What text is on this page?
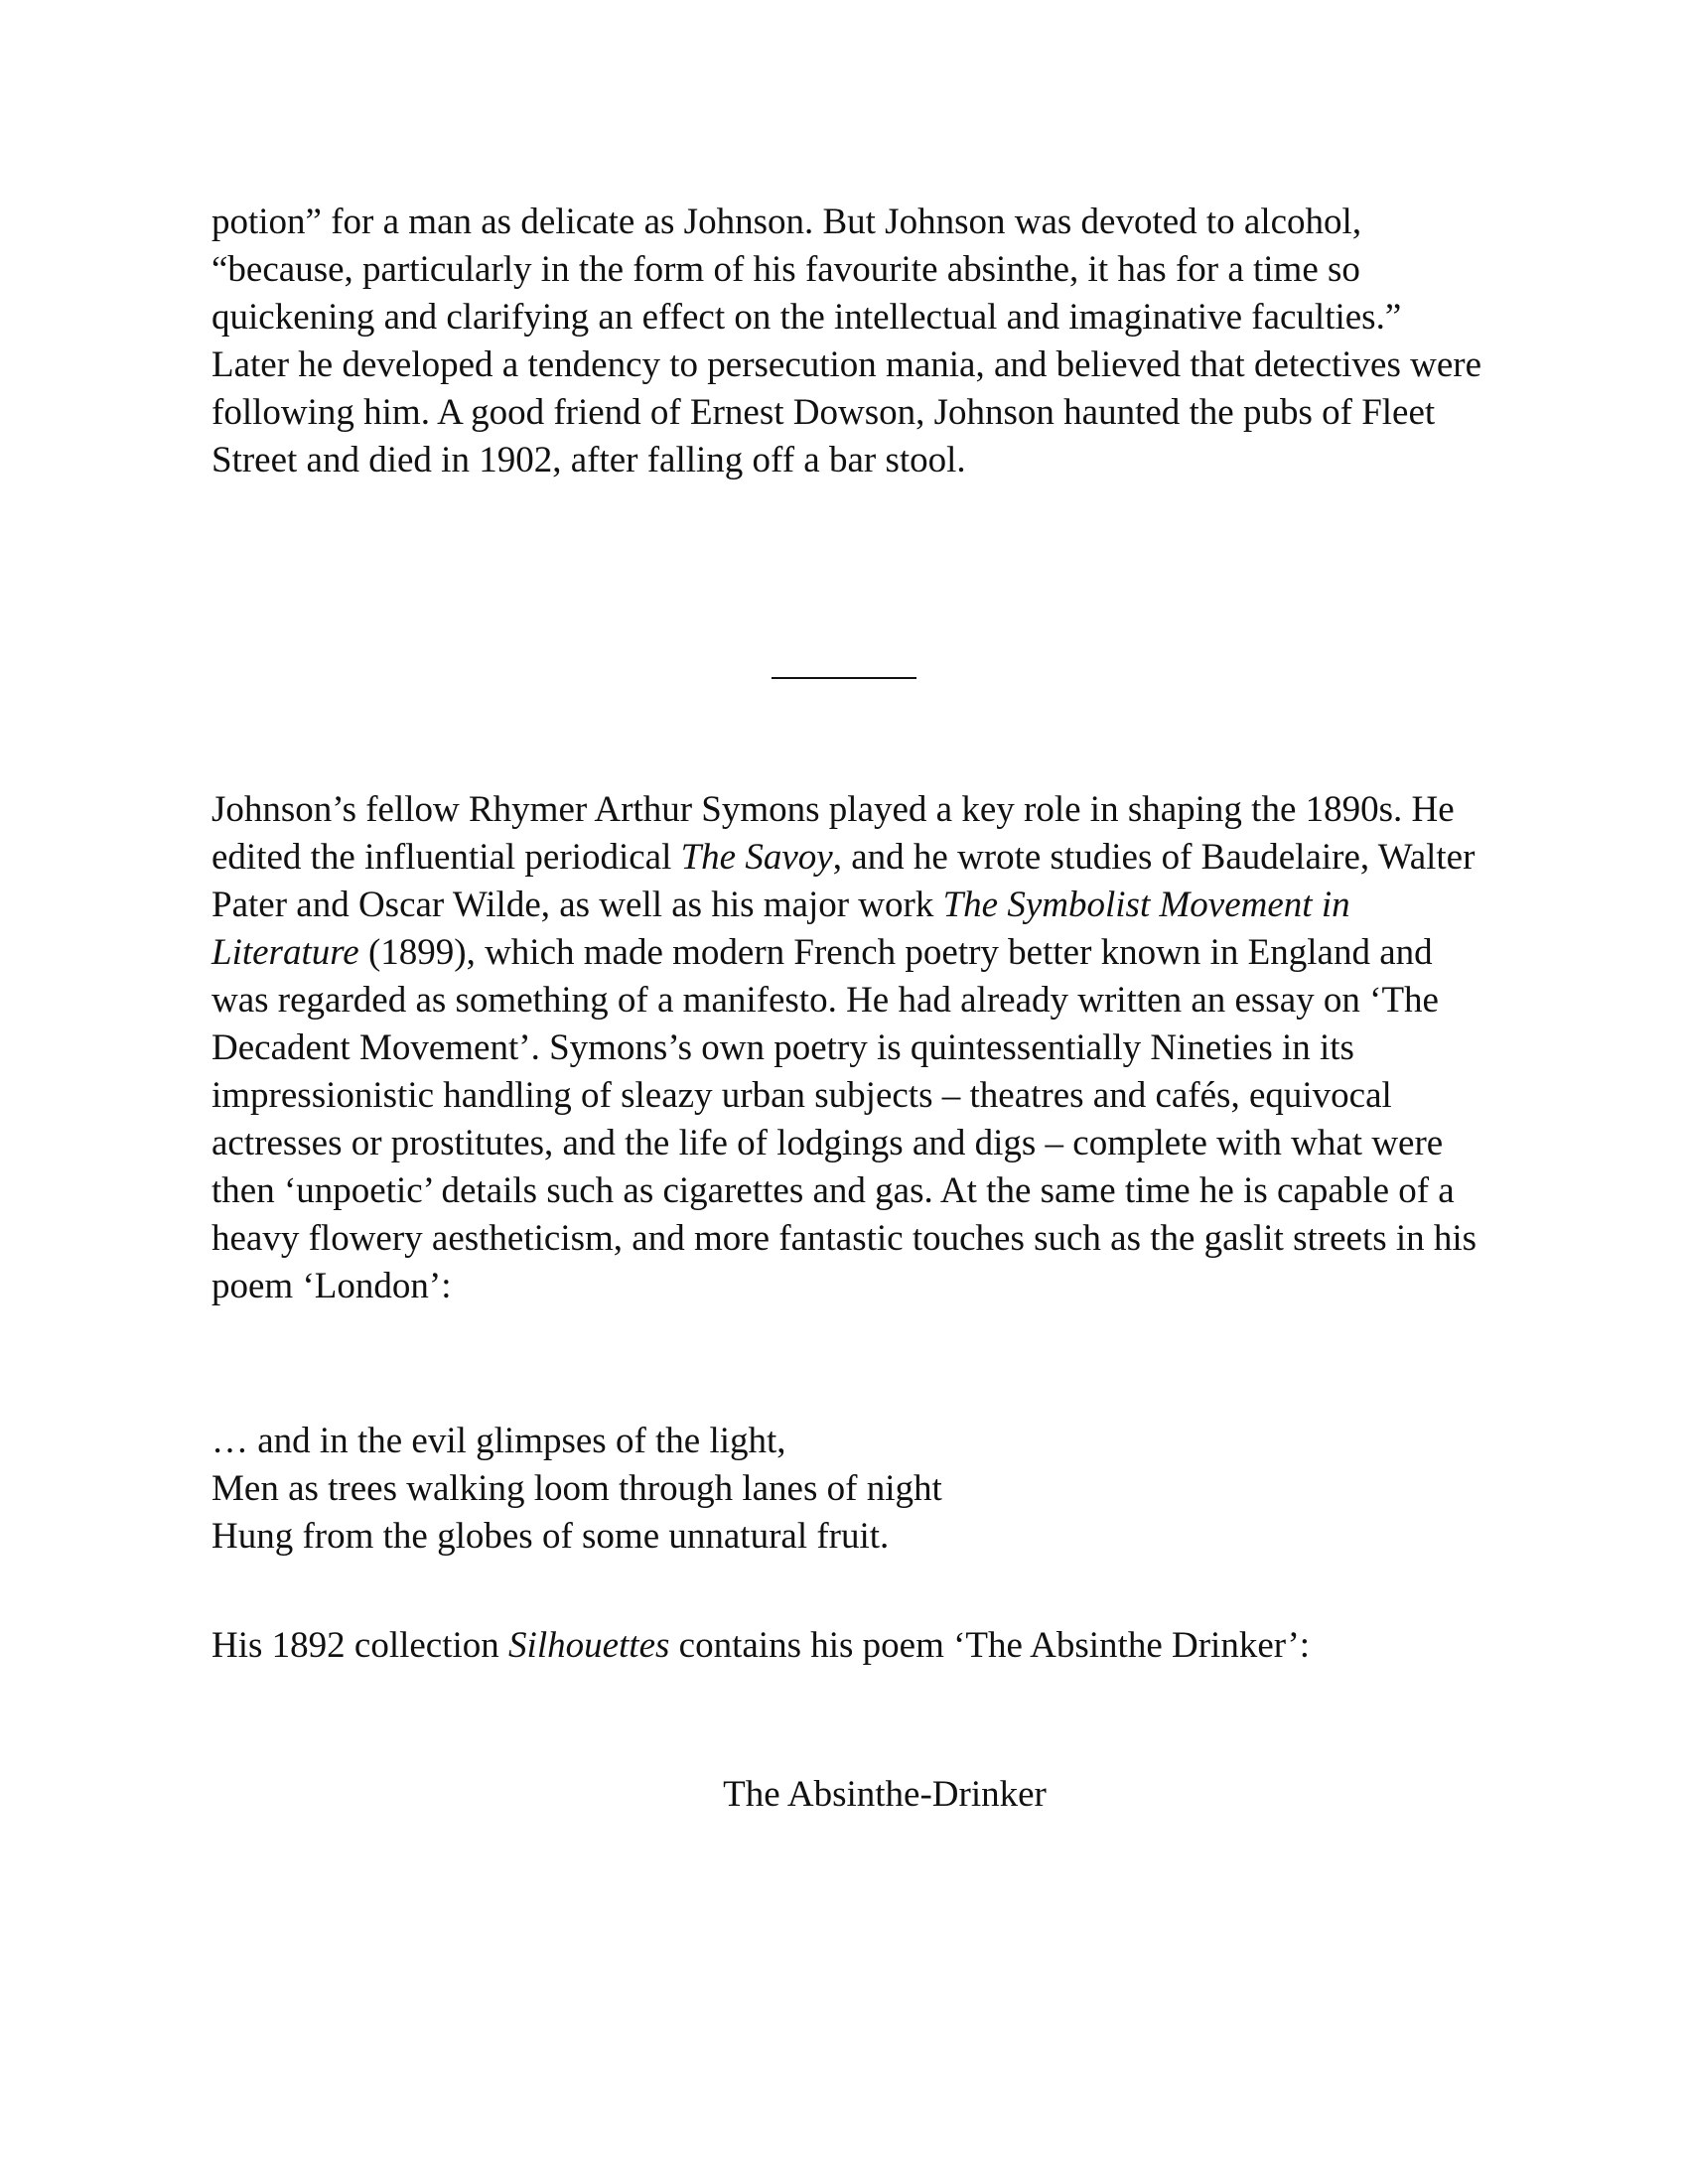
potion” for a man as delicate as Johnson. But Johnson was devoted to alcohol, “because, particularly in the form of his favourite absinthe, it has for a time so quickening and clarifying an effect on the intellectual and imaginative faculties.” Later he developed a tendency to persecution mania, and believed that detectives were following him. A good friend of Ernest Dowson, Johnson haunted the pubs of Fleet Street and died in 1902, after falling off a bar stool.

Johnson’s fellow Rhymer Arthur Symons played a key role in shaping the 1890s. He edited the influential periodical The Savoy, and he wrote studies of Baudelaire, Walter Pater and Oscar Wilde, as well as his major work The Symbolist Movement in Literature (1899), which made modern French poetry better known in England and was regarded as something of a manifesto. He had already written an essay on ‘The Decadent Movement’. Symons’s own poetry is quintessentially Nineties in its impressionistic handling of sleazy urban subjects – theatres and cafés, equivocal actresses or prostitutes, and the life of lodgings and digs – complete with what were then ‘unpoetic’ details such as cigarettes and gas. At the same time he is capable of a heavy flowery aestheticism, and more fantastic touches such as the gaslit streets in his poem ‘London’:

… and in the evil glimpses of the light,
Men as trees walking loom through lanes of night
Hung from the globes of some unnatural fruit.

His 1892 collection Silhouettes contains his poem ‘The Absinthe Drinker’:

The Absinthe-Drinker
